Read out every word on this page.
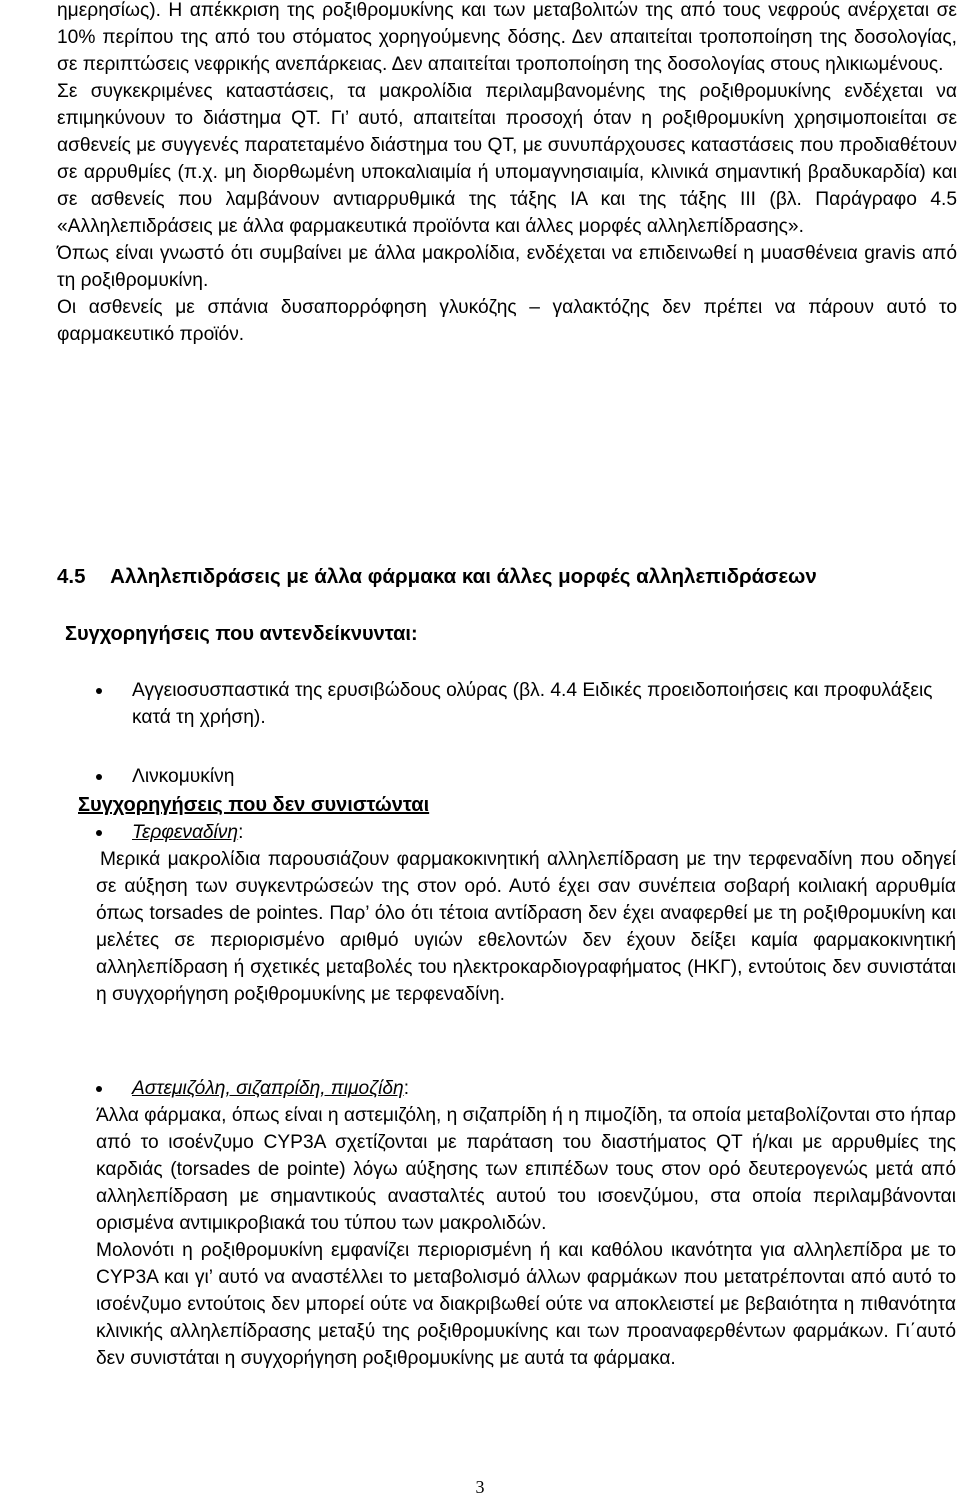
ημερησίως). Η απέκκριση της ροξιθρομυκίνης και των μεταβολιτών της από τους νεφρούς ανέρχεται σε 10% περίπου της από του στόματος χορηγούμενης δόσης. Δεν απαιτείται τροποποίηση της δοσολογίας, σε περιπτώσεις νεφρικής ανεπάρκειας. Δεν απαιτείται τροποποίηση της δοσολογίας στους ηλικιωμένους.

Σε συγκεκριμένες καταστάσεις, τα μακρολίδια περιλαμβανομένης της ροξιθρομυκίνης ενδέχεται να επιμηκύνουν το διάστημα QT. Γι’ αυτό, απαιτείται προσοχή όταν η ροξιθρομυκίνη χρησιμοποιείται σε ασθενείς με συγγενές παρατεταμένο διάστημα του QT, με συνυπάρχουσες καταστάσεις που προδιαθέτουν σε αρρυθμίες (π.χ. μη διορθωμένη υποκαλιαιμία ή υπομαγνησιαιμία, κλινικά σημαντική βραδυκαρδία) και σε ασθενείς που λαμβάνουν αντιαρρυθμικά της τάξης ΙΑ και της τάξης ΙΙΙ (βλ. Παράγραφο 4.5 «Αλληλεπιδράσεις με άλλα φαρμακευτικά προϊόντα και άλλες μορφές αλληλεπίδρασης».

Όπως είναι γνωστό ότι συμβαίνει με άλλα μακρολίδια, ενδέχεται να επιδεινωθεί η μυασθένεια gravis από τη ροξιθρομυκίνη.

Οι ασθενείς με σπάνια δυσαπορρόφηση γλυκόζης – γαλακτόζης δεν πρέπει να πάρουν αυτό το φαρμακευτικό προϊόν.

4.5 Αλληλεπιδράσεις με άλλα φάρμακα και άλλες μορφές αλληλεπιδράσεων
Συγχορηγήσεις που αντενδείκνυνται:
Αγγειοσυσπαστικά της ερυσιβώδους ολύρας (βλ. 4.4 Ειδικές προειδοποιήσεις και προφυλάξεις κατά τη χρήση).
Λινκομυκίνη
Συγχορηγήσεις που δεν συνιστώνται
Τερφεναδίνη:

Μερικά μακρολίδια παρουσιάζουν φαρμακοκινητική αλληλεπίδραση με την τερφεναδίνη που οδηγεί σε αύξηση των συγκεντρώσεών της στον ορό. Αυτό έχει σαν συνέπεια σοβαρή κοιλιακή αρρυθμία όπως torsades de pointes. Παρ’ όλο ότι τέτοια αντίδραση δεν έχει αναφερθεί με τη ροξιθρομυκίνη και μελέτες σε περιορισμένο αριθμό υγιών εθελοντών δεν έχουν δείξει καμία φαρμακοκινητική αλληλεπίδραση ή σχετικές μεταβολές του ηλεκτροκαρδιογραφήματος (ΗΚΓ), εντούτοις δεν συνιστάται η συγχορήγηση ροξιθρομυκίνης με τερφεναδίνη.

Αστεμιζόλη, σιζαπρίδη, πιμοζίδη:

Άλλα φάρμακα, όπως είναι η αστεμιζόλη, η σιζαπρίδη ή η πιμοζίδη, τα οποία μεταβολίζονται στο ήπαρ από το ισοένζυμο CYP3A σχετίζονται με παράταση του διαστήματος QT ή/και με αρρυθμίες της καρδιάς (torsades de pointe) λόγω αύξησης των επιπέδων τους στον ορό δευτερογενώς μετά από αλληλεπίδραση με σημαντικούς ανασταλτές αυτού του ισοενζύμου, στα οποία περιλαμβάνονται ορισμένα αντιμικροβιακά του τύπου των μακρολιδών.

Μολονότι η ροξιθρομυκίνη εμφανίζει περιορισμένη ή και καθόλου ικανότητα για αλληλεπίδρα με το CYP3A και γι’ αυτό να αναστέλλει το μεταβολισμό άλλων φαρμάκων που μετατρέπονται από αυτό το ισοένζυμο εντούτοις δεν μπορεί ούτε να διακριβωθεί ούτε να αποκλειστεί με βεβαιότητα η πιθανότητα κλινικής αλληλεπίδρασης μεταξύ της ροξιθρομυκίνης και των προαναφερθέντων φαρμάκων. Γι΄αυτό δεν συνιστάται η συγχορήγηση ροξιθρομυκίνης με αυτά τα φάρμακα.

3
